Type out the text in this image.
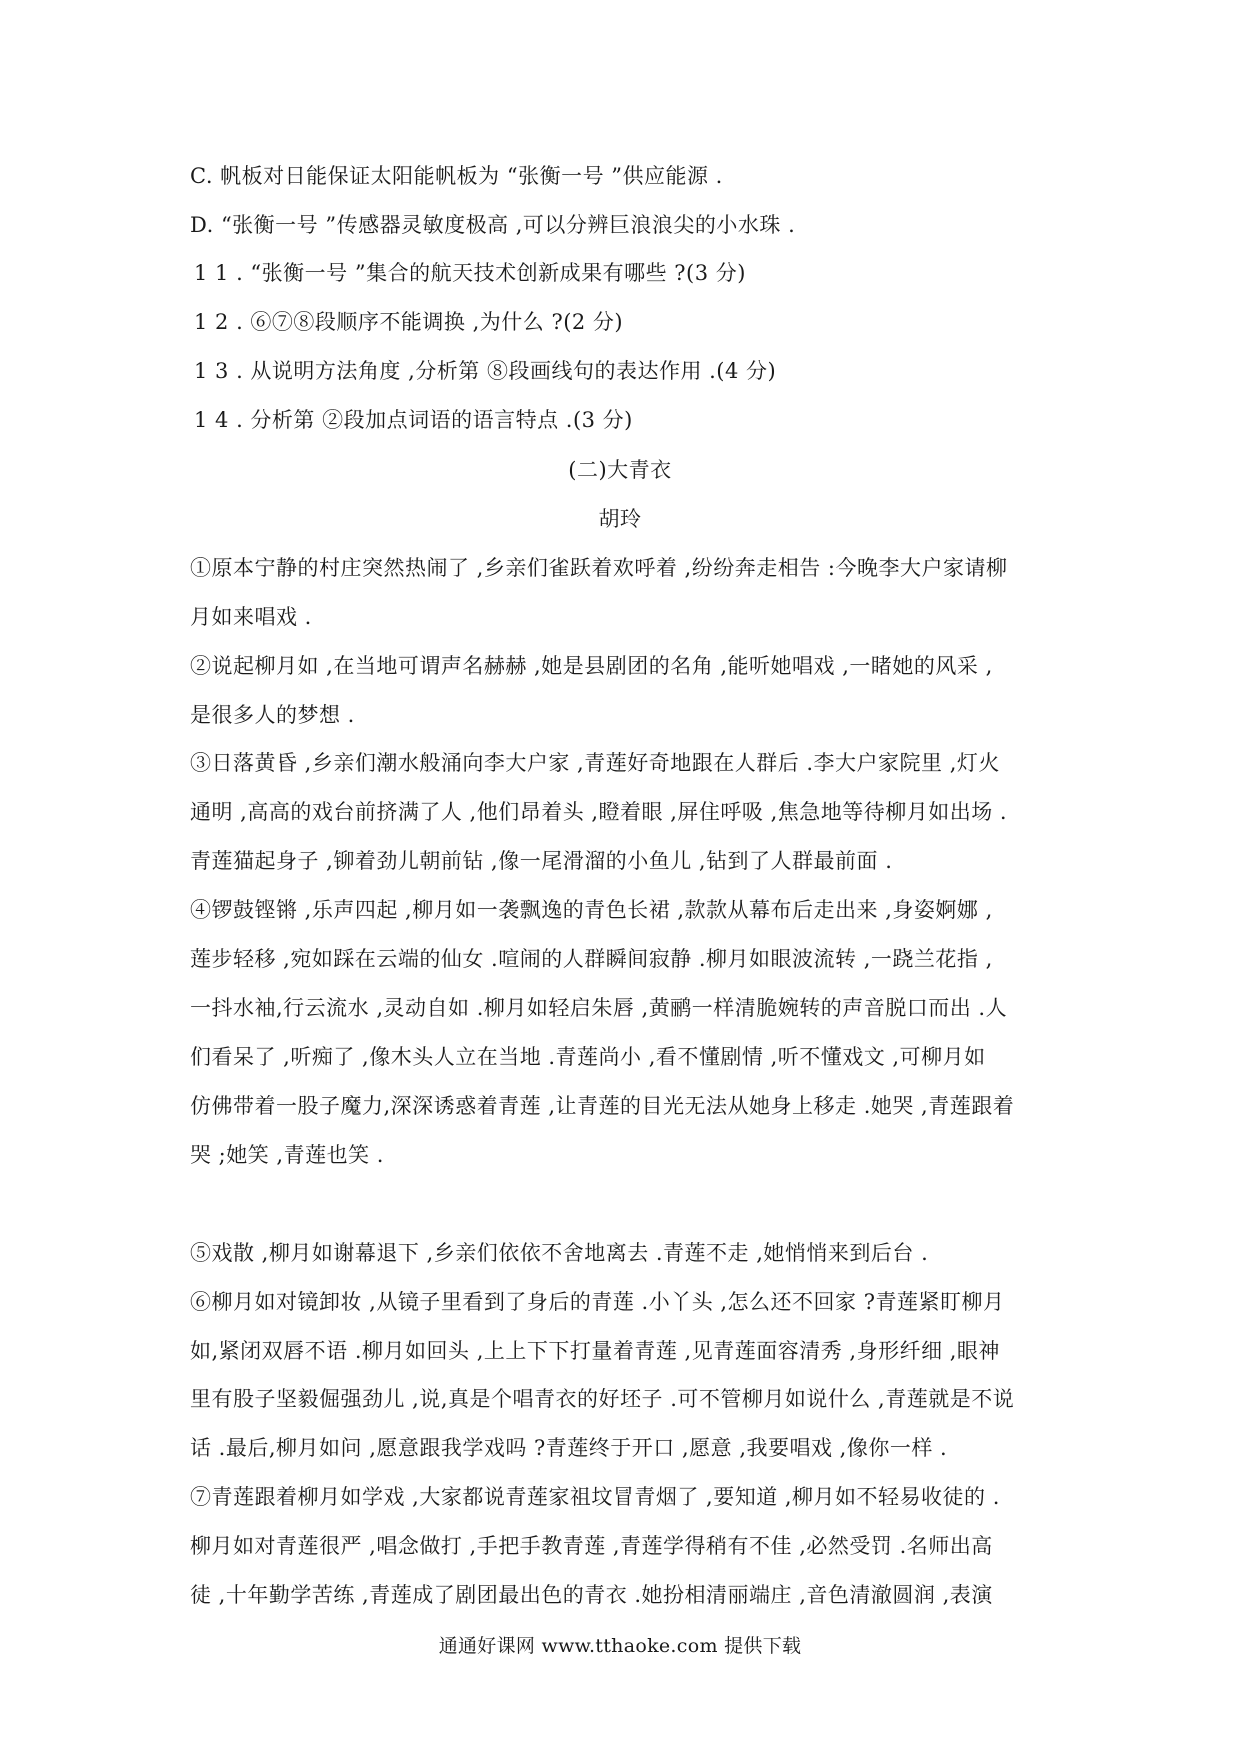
C. 帆板对日能保证太阳能帆板为 “张衡一号 ”供应能源 .
D. “张衡一号 ”传感器灵敏度极高 ,可以分辨巨浪浪尖的小水珠 .
1 1 . “张衡一号 ”集合的航天技术创新成果有哪些 ?(3 分)
1 2 . ⑥⑦⑧段顺序不能调换 ,为什么 ?(2 分)
1 3 . 从说明方法角度 ,分析第 ⑧段画线句的表达作用 .(4 分)
1 4 . 分析第 ②段加点词语的语言特点 .(3 分)
(二)大青衣
胡玲
①原本宁静的村庄突然热闹了 ,乡亲们雀跃着欢呼着 ,纷纷奔走相告 :今晚李大户家请柳
月如来唱戏 .
②说起柳月如 ,在当地可谓声名赫赫 ,她是县剧团的名角 ,能听她唱戏 ,一睹她的风采 ,
是很多人的梦想 .
③日落黄昏 ,乡亲们潮水般涌向李大户家 ,青莲好奇地跟在人群后 .李大户家院里 ,灯火
通明 ,高高的戏台前挤满了人 ,他们昂着头 ,瞪着眼 ,屏住呼吸 ,焦急地等待柳月如出场 .
青莲猫起身子 ,铆着劲儿朝前钻 ,像一尾滑溜的小鱼儿 ,钻到了人群最前面 .
④锣鼓铿锵 ,乐声四起 ,柳月如一袭飘逸的青色长裙 ,款款从幕布后走出来 ,身姿婀娜 ,
莲步轻移 ,宛如踩在云端的仙女 .喧闹的人群瞬间寂静 .柳月如眼波流转 ,一跷兰花指 ,
一抖水袖,行云流水 ,灵动自如 .柳月如轻启朱唇 ,黄鹂一样清脆婉转的声音脱口而出 .人
们看呆了 ,听痴了 ,像木头人立在当地 .青莲尚小 ,看不懂剧情 ,听不懂戏文 ,可柳月如
仿佛带着一股子魔力,深深诱惑着青莲 ,让青莲的目光无法从她身上移走 .她哭 ,青莲跟着
哭 ;她笑 ,青莲也笑 .
⑤戏散 ,柳月如谢幕退下 ,乡亲们依依不舍地离去 .青莲不走 ,她悄悄来到后台 .
⑥柳月如对镜卸妆 ,从镜子里看到了身后的青莲 .小丫头 ,怎么还不回家 ?青莲紧盯柳月
如,紧闭双唇不语 .柳月如回头 ,上上下下打量着青莲 ,见青莲面容清秀 ,身形纤细 ,眼神
里有股子坚毅倔强劲儿 ,说,真是个唱青衣的好坯子 .可不管柳月如说什么 ,青莲就是不说
话 .最后,柳月如问 ,愿意跟我学戏吗 ?青莲终于开口 ,愿意 ,我要唱戏 ,像你一样 .
⑦青莲跟着柳月如学戏 ,大家都说青莲家祖坟冒青烟了 ,要知道 ,柳月如不轻易收徒的 .
柳月如对青莲很严 ,唱念做打 ,手把手教青莲 ,青莲学得稍有不佳 ,必然受罚 .名师出高
徒 ,十年勤学苦练 ,青莲成了剧团最出色的青衣 .她扮相清丽端庄 ,音色清澈圆润 ,表演
通通好课网 www.tthaoke.com 提供下载
